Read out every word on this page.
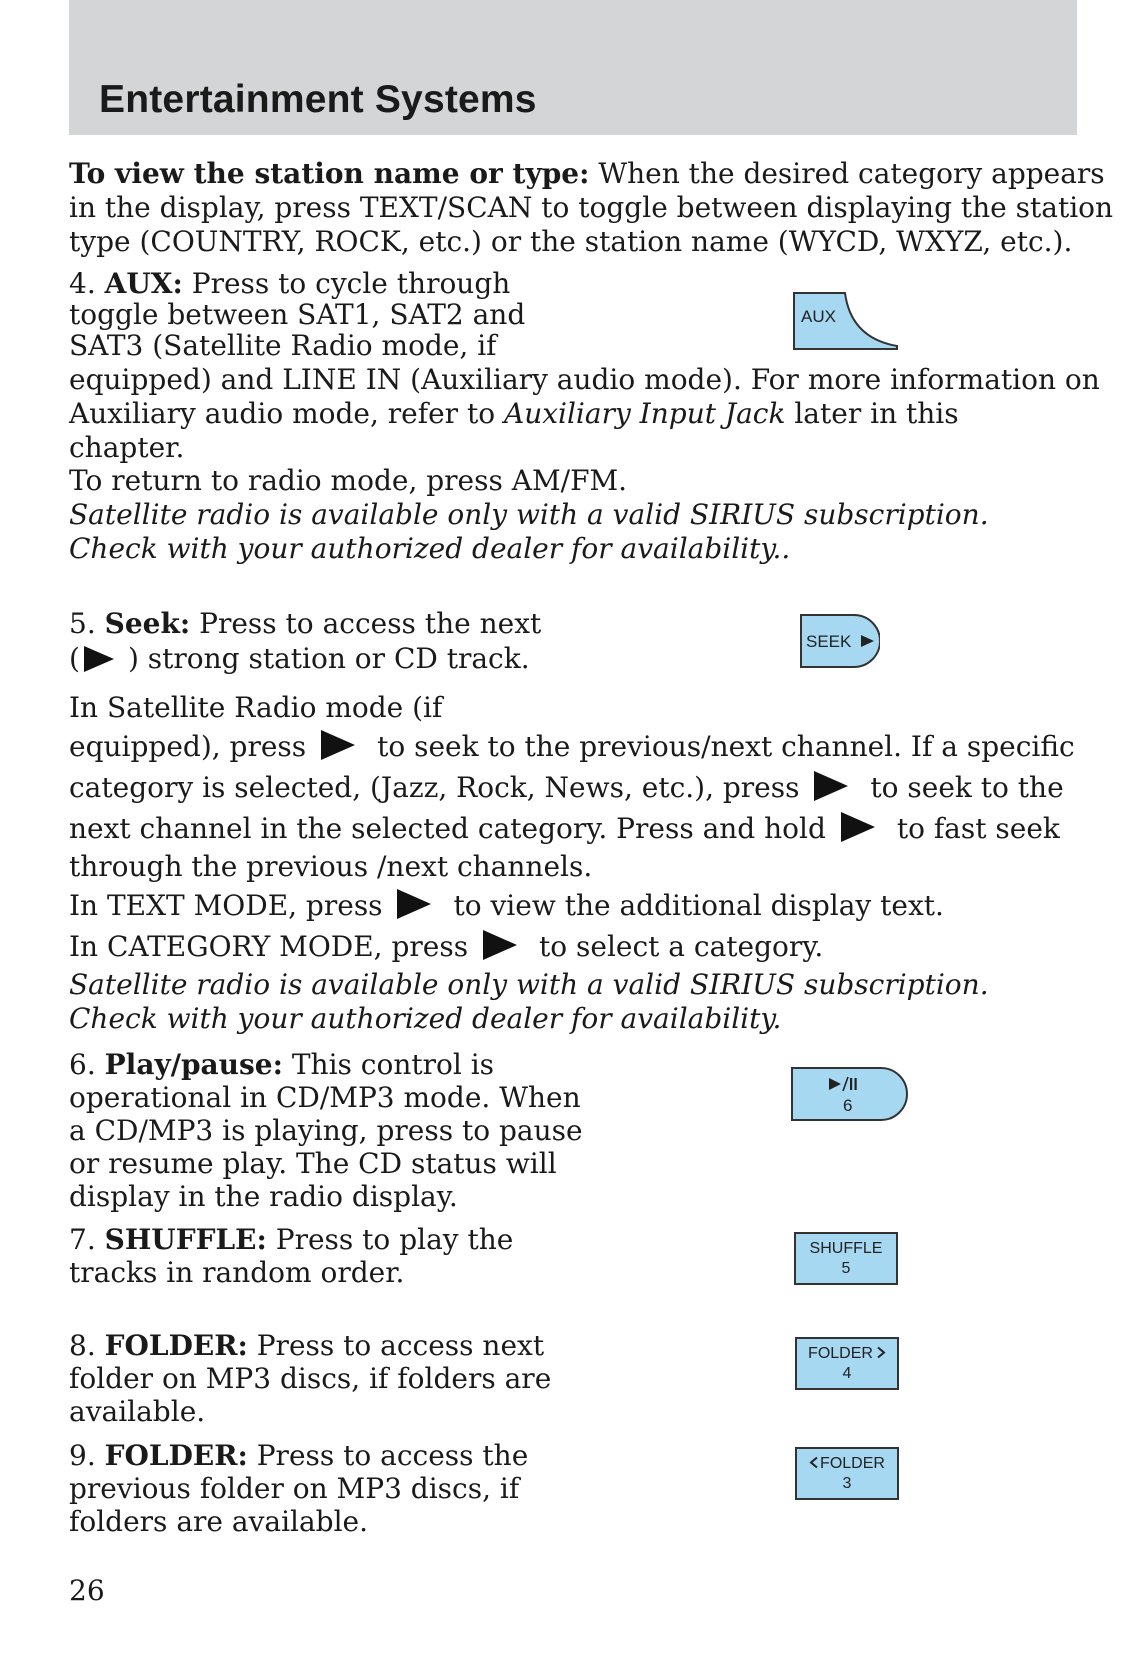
Entertainment Systems

To view the station name or type: When the desired category appears

in the display, press TEXT/SCAN to toggle between displaying the station

type (COUNTRY, ROCK, etc.) or the station name (WYCD, WXYZ, etc.).

4. AUX: Press to cycle through

toggle between SAT1, SAT2 and

SAT3 (Satellite Radio mode, if

equipped) and LINE IN (Auxiliary audio mode). For more information on

Auxiliary audio mode, refer to Auxiliary Input Jack later in this

chapter.

To return to radio mode, press AM/FM.

Satellite radio is available only with a valid SIRIUS subscription.

Check with your authorized dealer for availability..

AUX

5. Seek: Press to access the next

( ) strong station or CD track.

SEEK

In Satellite Radio mode (if

equipped), press	to seek to the previous/next channel. If a specific

category is selected, (Jazz, Rock, News, etc.), press	to seek to the

next channel in the selected category. Press and hold	to fast seek

through the previous /next channels.

In TEXT MODE, press	to view the additional display text.

In CATEGORY MODE, press	to select a category.

Satellite radio is available only with a valid SIRIUS subscription.

Check with your authorized dealer for availability.

6. Play/pause: This control is

operational in CD/MP3 mode. When

a CD/MP3 is playing, press to pause

or resume play. The CD status will

display in the radio display.

6

7. SHUFFLE: Press to play the

tracks in random order.

SHUFFLE
5

8. FOLDER: Press to access next

folder on MP3 discs, if folders are

available.

FOLDER
4

9. FOLDER: Press to access the

previous folder on MP3 discs, if

folders are available.

FOLDER
3
26
